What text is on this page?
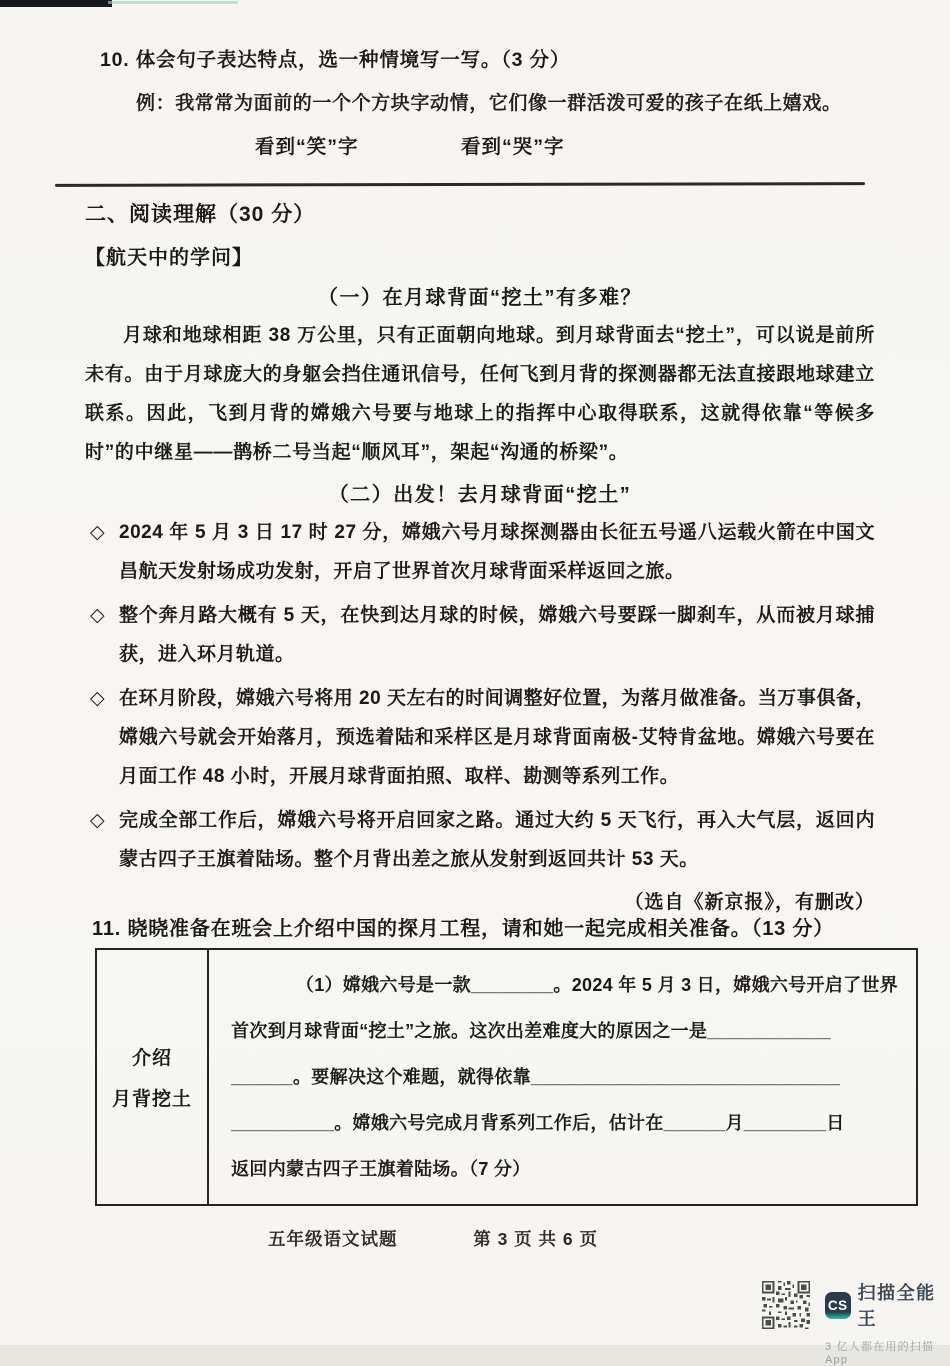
10. 体会句子表达特点，选一种情境写一写。（3 分）
例：我常常为面前的一个个方块字动情，它们像一群活泼可爱的孩子在纸上嬉戏。
看到“笑”字	看到“哭”字
二、阅读理解（30 分）
【航天中的学问】
（一）在月球背面“挖土”有多难？
月球和地球相距 38 万公里，只有正面朝向地球。到月球背面去“挖土”，可以说是前所未有。由于月球庞大的身躯会挡住通讯信号，任何飞到月背的探测器都无法直接跟地球建立联系。因此，飞到月背的嫦娥六号要与地球上的指挥中心取得联系，这就得依靠“等候多时”的中继星——鹊桥二号当起“顺风耳”，架起“沟通的桥梁”。
（二）出发！去月球背面“挖土”
◇ 2024 年 5 月 3 日 17 时 27 分，嫦娥六号月球探测器由长征五号遥八运载火箭在中国文昌航天发射场成功发射，开启了世界首次月球背面采样返回之旅。
◇ 整个奔月路大概有 5 天，在快到达月球的时候，嫦娥六号要踩一脚刹车，从而被月球捕获，进入环月轨道。
◇ 在环月阶段，嫦娥六号将用 20 天左右的时间调整好位置，为落月做准备。当万事俱备，嫦娥六号就会开始落月，预选着陆和采样区是月球背面南极-艾特肯盆地。嫦娥六号要在月面工作 48 小时，开展月球背面拍照、取样、勘测等系列工作。
◇ 完成全部工作后，嫦娥六号将开启回家之路。通过大约 5 天飞行，再入大气层，返回内蒙古四子王旗着陆场。整个月背出差之旅从发射到返回共计 53 天。
（选自《新京报》，有删改）
11. 晓晓准备在班会上介绍中国的探月工程，请和她一起完成相关准备。（13 分）
介绍
月背挖土
（1）嫦娥六号是一款________。2024 年 5 月 3 日，嫦娥六号开启了世界
首次到月球背面“挖土”之旅。这次出差难度大的原因之一是____________
______。要解决这个难题，就得依靠______________________________
__________。嫦娥六号完成月背系列工作后，估计在______月________日
返回内蒙古四子王旗着陆场。（7 分）
五年级语文试题	第 3 页 共 6 页
CS
扫描全能王
3 亿人都在用的扫描App
